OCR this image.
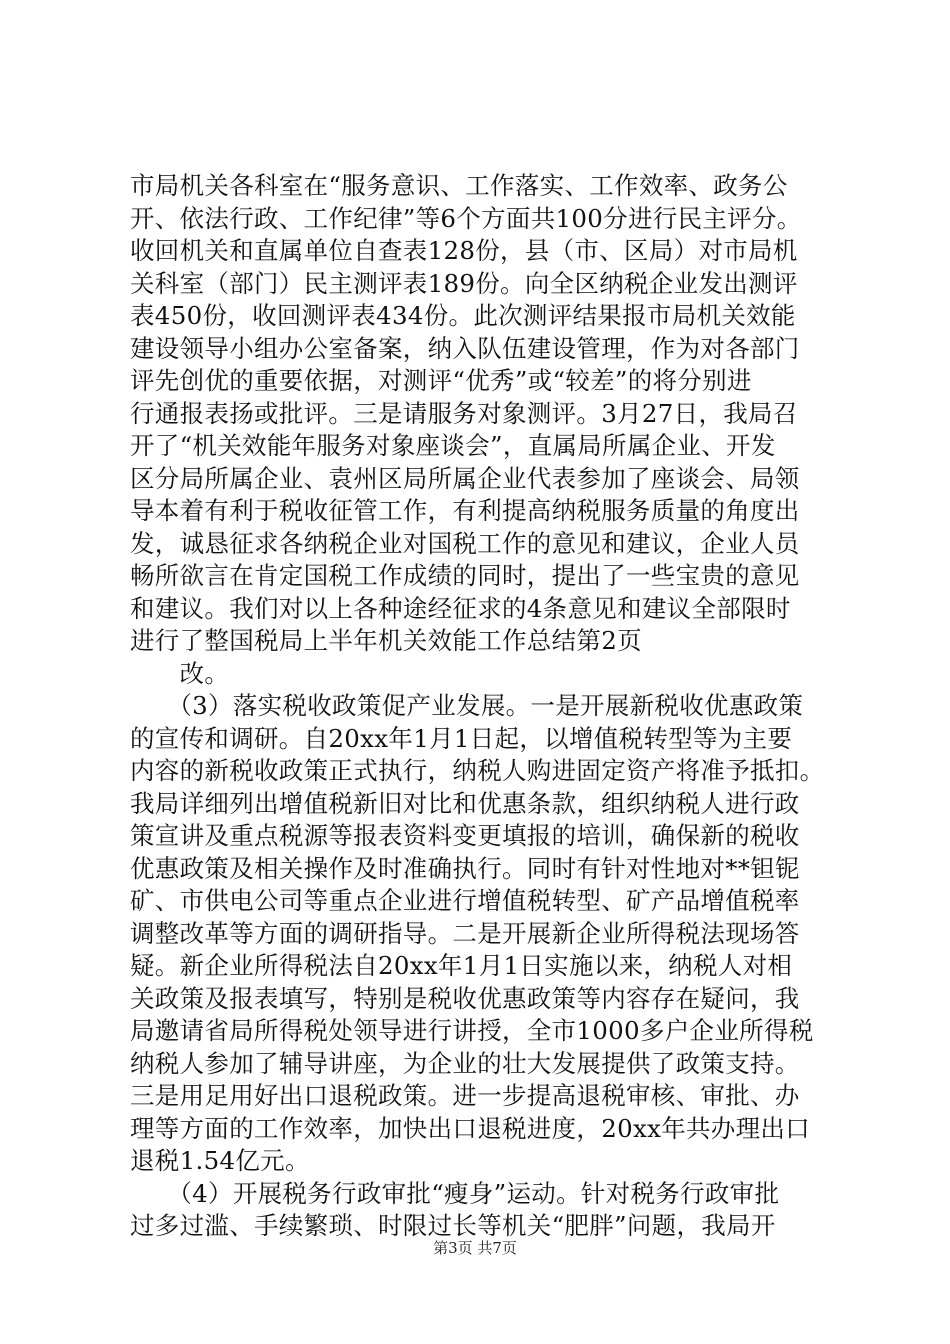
市局机关各科室在“服务意识、工作落实、工作效率、政务公
开、依法行政、工作纪律”等6个方面共100分进行民主评分。
收回机关和直属单位自查表128份，县（市、区局）对市局机
关科室（部门）民主测评表189份。向全区纳税企业发出测评
表450份，收回测评表434份。此次测评结果报市局机关效能
建设领导小组办公室备案，纳入队伍建设管理，作为对各部门
评先创优的重要依据，对测评“优秀”或“较差”的将分别进
行通报表扬或批评。三是请服务对象测评。3月27日，我局召
开了“机关效能年服务对象座谈会”，直属局所属企业、开发
区分局所属企业、袁州区局所属企业代表参加了座谈会、局领
导本着有利于税收征管工作，有利提高纳税服务质量的角度出
发，诚恳征求各纳税企业对国税工作的意见和建议，企业人员
畅所欲言在肯定国税工作成绩的同时，提出了一些宝贵的意见
和建议。我们对以上各种途经征求的4条意见和建议全部限时
进行了整国税局上半年机关效能工作总结第2页
　　改。
　　（3）落实税收政策促产业发展。一是开展新税收优惠政策
的宣传和调研。自20xx年1月1日起，以增值税转型等为主要
内容的新税收政策正式执行，纳税人购进固定资产将准予抵扣。
我局详细列出增值税新旧对比和优惠条款，组织纳税人进行政
策宣讲及重点税源等报表资料变更填报的培训，确保新的税收
优惠政策及相关操作及时准确执行。同时有针对性地对**钽铌
矿、市供电公司等重点企业进行增值税转型、矿产品增值税率
调整改革等方面的调研指导。二是开展新企业所得税法现场答
疑。新企业所得税法自20xx年1月1日实施以来，纳税人对相
关政策及报表填写，特别是税收优惠政策等内容存在疑问，我
局邀请省局所得税处领导进行讲授，全市1000多户企业所得税
纳税人参加了辅导讲座，为企业的壮大发展提供了政策支持。
三是用足用好出口退税政策。进一步提高退税审核、审批、办
理等方面的工作效率，加快出口退税进度，20xx年共办理出口
退税1.54亿元。
　　（4）开展税务行政审批“瘦身”运动。针对税务行政审批
过多过滥、手续繁琐、时限过长等机关“肥胖”问题，我局开
第3页 共7页
